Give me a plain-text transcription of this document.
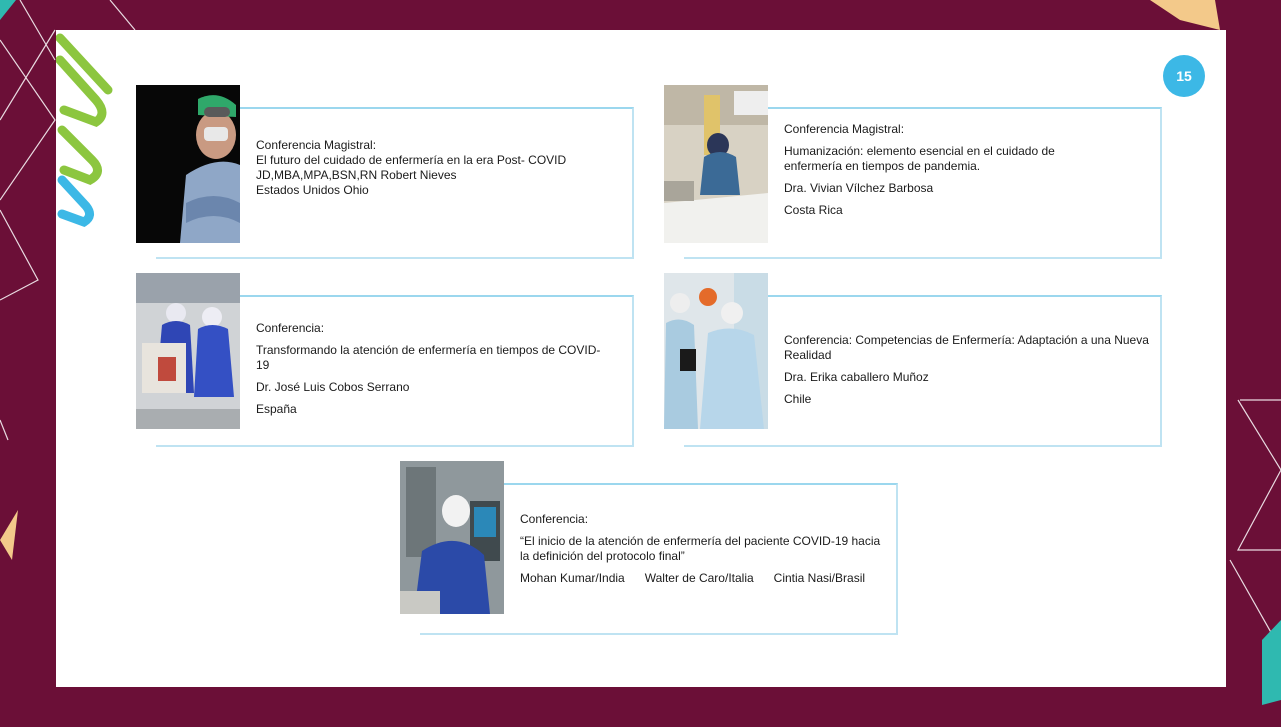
15
Conferencia Magistral:
El futuro del cuidado de enfermería en la era Post- COVID
JD,MBA,MPA,BSN,RN Robert Nieves
Estados Unidos Ohio

Conferencia Magistral:

Humanización: elemento esencial en el cuidado de enfermería en tiempos de pandemia.

Dra. Vivian Vílchez Barbosa

Costa Rica

Conferencia:

Transformando la atención de enfermería en tiempos de COVID-19

Dr. José Luis Cobos Serrano

España

Conferencia: Competencias de Enfermería: Adaptación a una Nueva Realidad

Dra. Erika caballero Muñoz

Chile

Conferencia:

“El inicio de la atención de enfermería del paciente COVID-19 hacia la definición del protocolo final”

Mohan Kumar/India      Walter de Caro/Italia      Cintia Nasi/Brasil
